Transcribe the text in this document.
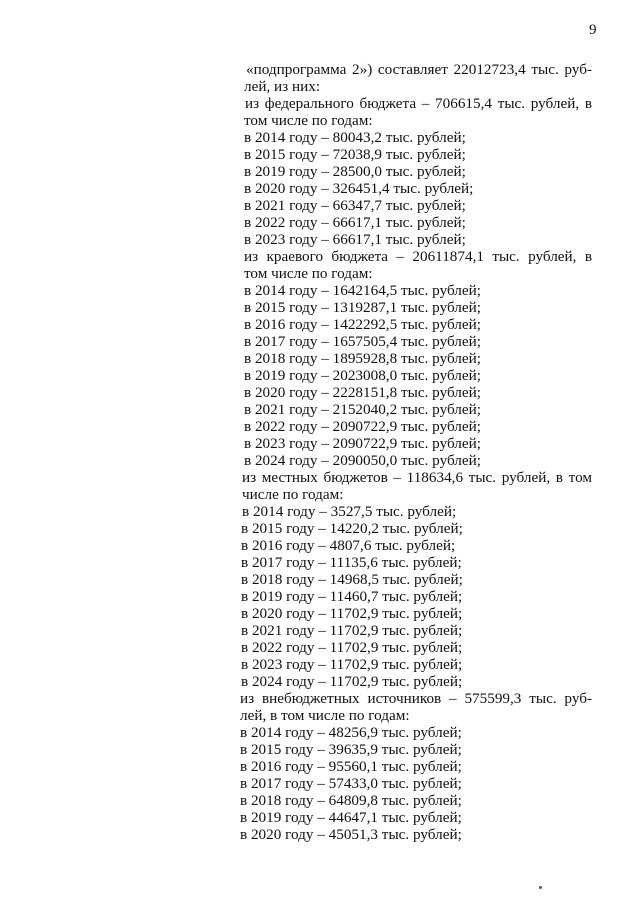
9
«подпрограмма 2») составляет 22012723,4 тыс. руб-
лей, из них:
из федерального бюджета – 706615,4 тыс. рублей, в
том числе по годам:
в 2014 году – 80043,2 тыс. рублей;
в 2015 году – 72038,9 тыс. рублей;
в 2019 году – 28500,0 тыс. рублей;
в 2020 году – 326451,4 тыс. рублей;
в 2021 году – 66347,7 тыс. рублей;
в 2022 году – 66617,1 тыс. рублей;
в 2023 году – 66617,1 тыс. рублей;
из краевого бюджета – 20611874,1 тыс. рублей, в
том числе по годам:
в 2014 году – 1642164,5 тыс. рублей;
в 2015 году – 1319287,1 тыс. рублей;
в 2016 году – 1422292,5 тыс. рублей;
в 2017 году – 1657505,4 тыс. рублей;
в 2018 году – 1895928,8 тыс. рублей;
в 2019 году – 2023008,0 тыс. рублей;
в 2020 году – 2228151,8 тыс. рублей;
в 2021 году – 2152040,2 тыс. рублей;
в 2022 году – 2090722,9 тыс. рублей;
в 2023 году – 2090722,9 тыс. рублей;
в 2024 году – 2090050,0 тыс. рублей;
из местных бюджетов – 118634,6 тыс. рублей, в том
числе по годам:
в 2014 году – 3527,5 тыс. рублей;
в 2015 году – 14220,2 тыс. рублей;
в 2016 году – 4807,6 тыс. рублей;
в 2017 году – 11135,6 тыс. рублей;
в 2018 году – 14968,5 тыс. рублей;
в 2019 году – 11460,7 тыс. рублей;
в 2020 году – 11702,9 тыс. рублей;
в 2021 году – 11702,9 тыс. рублей;
в 2022 году – 11702,9 тыс. рублей;
в 2023 году – 11702,9 тыс. рублей;
в 2024 году – 11702,9 тыс. рублей;
из внебюджетных источников – 575599,3 тыс. руб-
лей, в том числе по годам:
в 2014 году – 48256,9 тыс. рублей;
в 2015 году – 39635,9 тыс. рублей;
в 2016 году – 95560,1 тыс. рублей;
в 2017 году – 57433,0 тыс. рублей;
в 2018 году – 64809,8 тыс. рублей;
в 2019 году – 44647,1 тыс. рублей;
в 2020 году – 45051,3 тыс. рублей;
